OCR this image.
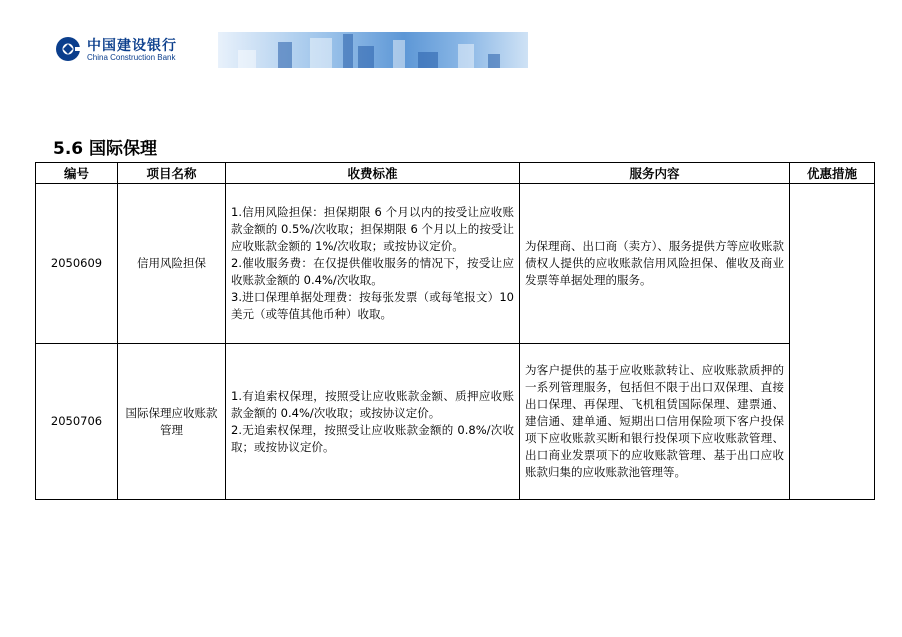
中国建设银行
China Construction Bank
5.6 国际保理
编号	项目名称	收费标准	服务内容	优惠措施
2050609	信用风险担保	1.信用风险担保：担保期限 6 个月以内的按受让应收账款金额的 0.5%/次收取；担保期限 6 个月以上的按受让应收账款金额的 1%/次收取；或按协议定价。
2.催收服务费：在仅提供催收服务的情况下，按受让应收账款金额的 0.4%/次收取。
3.进口保理单据处理费：按每张发票（或每笔报文）10 美元（或等值其他币种）收取。	为保理商、出口商（卖方）、服务提供方等应收账款债权人提供的应收账款信用风险担保、催收及商业发票等单据处理的服务。	
2050706	国际保理应收账款管理	1.有追索权保理，按照受让应收账款金额、质押应收账款金额的 0.4%/次收取；或按协议定价。
2.无追索权保理，按照受让应收账款金额的 0.8%/次收取；或按协议定价。	为客户提供的基于应收账款转让、应收账款质押的一系列管理服务，包括但不限于出口双保理、直接出口保理、再保理、飞机租赁国际保理、建票通、建信通、建单通、短期出口信用保险项下客户投保项下应收账款买断和银行投保项下应收账款管理、出口商业发票项下的应收账款管理、基于出口应收账款归集的应收账款池管理等。	
